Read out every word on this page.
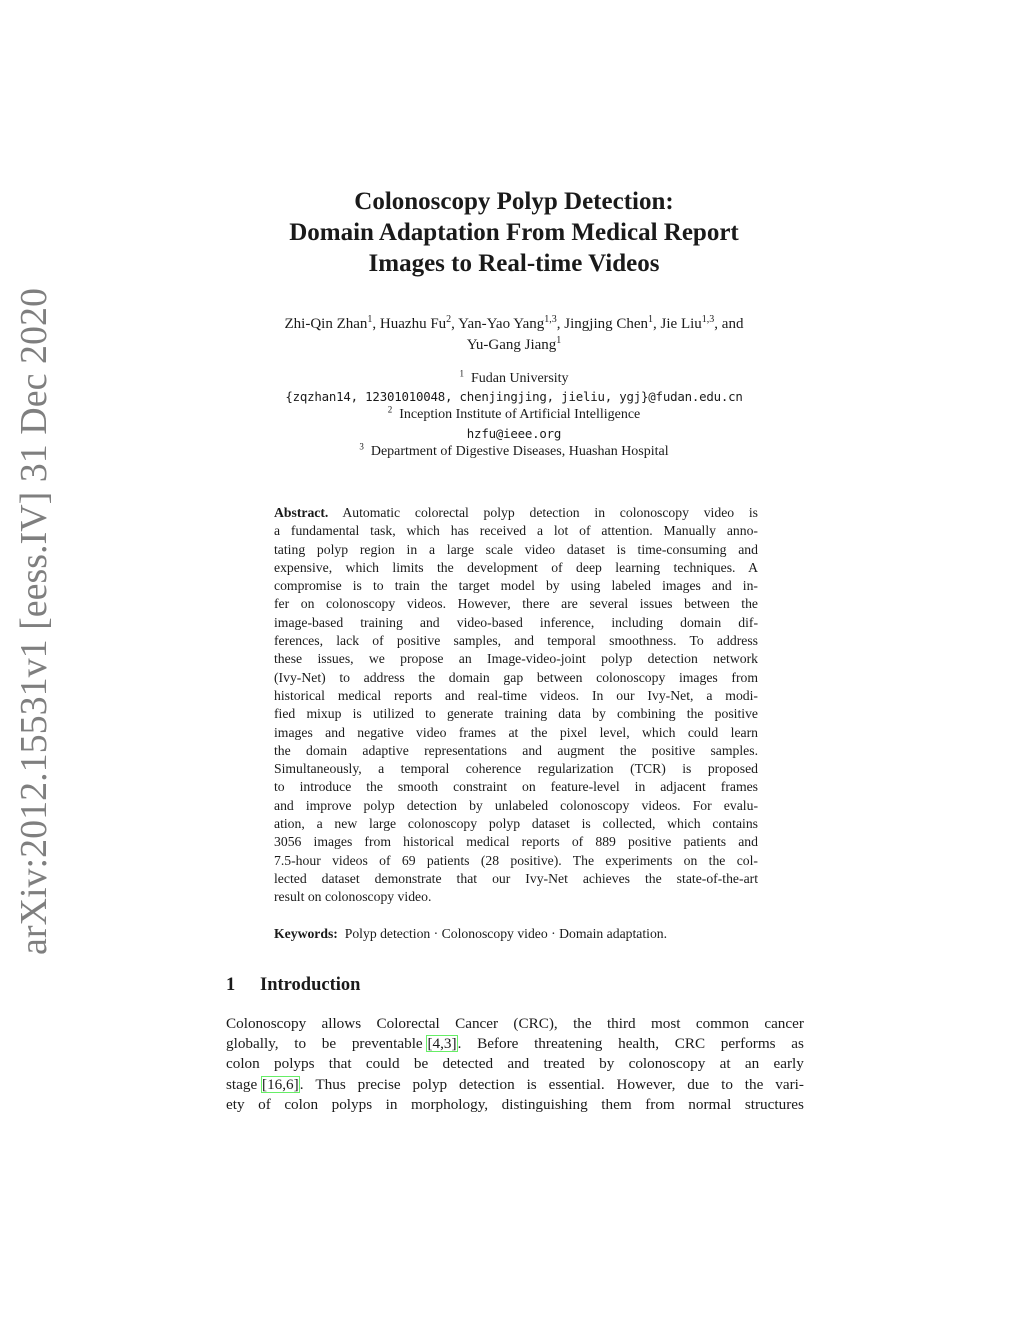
arXiv:2012.15531v1 [eess.IV] 31 Dec 2020
Colonoscopy Polyp Detection:
Domain Adaptation From Medical Report
Images to Real-time Videos
Zhi-Qin Zhan$^1$, Huazhu Fu$^2$, Yan-Yao Yang$^{1,3}$, Jingjing Chen$^1$, Jie Liu$^{1,3}$, and
Yu-Gang Jiang$^1$
$^1$ Fudan University
{zqzhan14, 12301010048, chenjingjing, jieliu, ygj}@fudan.edu.cn
$^2$ Inception Institute of Artificial Intelligence
hzfu@ieee.org
$^3$ Department of Digestive Diseases, Huashan Hospital
Abstract. Automatic colorectal polyp detection in colonoscopy video is
a fundamental task, which has received a lot of attention. Manually anno-
tating polyp region in a large scale video dataset is time-consuming and
expensive, which limits the development of deep learning techniques. A
compromise is to train the target model by using labeled images and in-
fer on colonoscopy videos. However, there are several issues between the
image-based training and video-based inference, including domain dif-
ferences, lack of positive samples, and temporal smoothness. To address
these issues, we propose an Image-video-joint polyp detection network
(Ivy-Net) to address the domain gap between colonoscopy images from
historical medical reports and real-time videos. In our Ivy-Net, a modi-
fied mixup is utilized to generate training data by combining the positive
images and negative video frames at the pixel level, which could learn
the domain adaptive representations and augment the positive samples.
Simultaneously, a temporal coherence regularization (TCR) is proposed
to introduce the smooth constraint on feature-level in adjacent frames
and improve polyp detection by unlabeled colonoscopy videos. For evalu-
ation, a new large colonoscopy polyp dataset is collected, which contains
3056 images from historical medical reports of 889 positive patients and
7.5-hour videos of 69 patients (28 positive). The experiments on the col-
lected dataset demonstrate that our Ivy-Net achieves the state-of-the-art
result on colonoscopy video.
Keywords: Polyp detection · Colonoscopy video · Domain adaptation.
1 Introduction
Colonoscopy allows Colorectal Cancer (CRC), the third most common cancer
globally, to be preventable [4,3]. Before threatening health, CRC performs as
colon polyps that could be detected and treated by colonoscopy at an early
stage [16,6]. Thus precise polyp detection is essential. However, due to the vari-
ety of colon polyps in morphology, distinguishing them from normal structures
